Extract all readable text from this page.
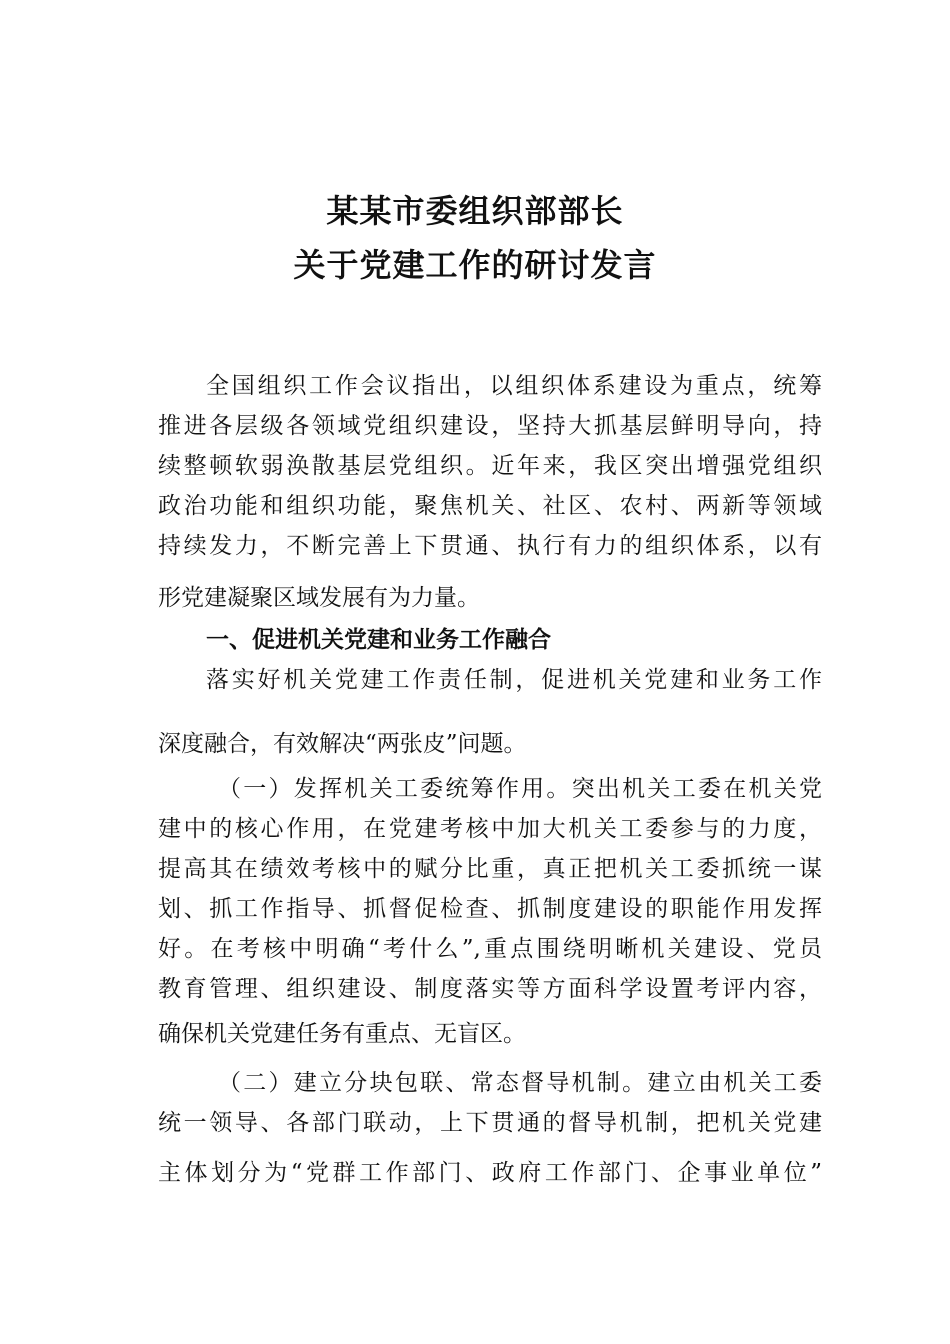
某某市委组织部部长
关于党建工作的研讨发言
全国组织工作会议指出，以组织体系建设为重点，统筹
推进各层级各领域党组织建设，坚持大抓基层鲜明导向，持
续整顿软弱涣散基层党组织。近年来，我区突出增强党组织
政治功能和组织功能，聚焦机关、社区、农村、两新等领域
持续发力，不断完善上下贯通、执行有力的组织体系，以有
形党建凝聚区域发展有为力量。
一、促进机关党建和业务工作融合
落实好机关党建工作责任制，促进机关党建和业务工作
深度融合，有效解决“两张皮”问题。
（一）发挥机关工委统筹作用。突出机关工委在机关党
建中的核心作用，在党建考核中加大机关工委参与的力度，
提高其在绩效考核中的赋分比重，真正把机关工委抓统一谋
划、抓工作指导、抓督促检查、抓制度建设的职能作用发挥
好。在考核中明确“考什么”,重点围绕明晰机关建设、党员
教育管理、组织建设、制度落实等方面科学设置考评内容，
确保机关党建任务有重点、无盲区。
（二）建立分块包联、常态督导机制。建立由机关工委
统一领导、各部门联动，上下贯通的督导机制，把机关党建
主体划分为“党群工作部门、政府工作部门、企事业单位”
